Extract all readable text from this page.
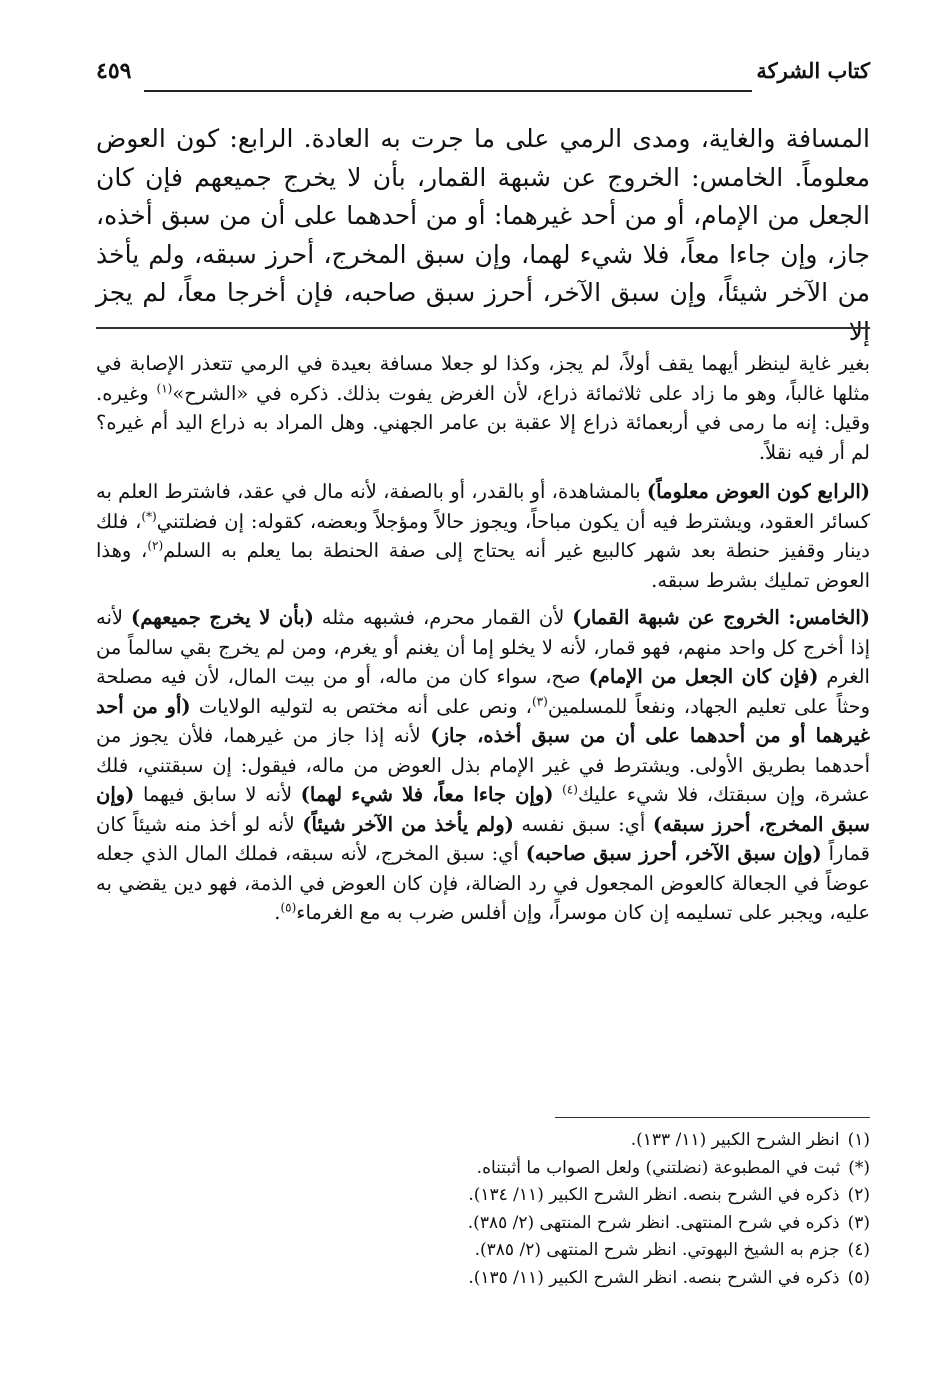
كتاب الشركة
٤٥٩

المسافة والغاية، ومدى الرمي على ما جرت به العادة. الرابع: كون العوض معلوماً. الخامس: الخروج عن شبهة القمار، بأن لا يخرج جميعهم فإن كان الجعل من الإمام، أو من أحد غيرهما: أو من أحدهما على أن من سبق أخذه، جاز، وإن جاءا معاً، فلا شيء لهما، وإن سبق المخرج، أحرز سبقه، ولم يأخذ من الآخر شيئاً، وإن سبق الآخر، أحرز سبق صاحبه، فإن أخرجا معاً، لم يجز إلا

بغير غاية لينظر أيهما يقف أولاً، لم يجز، وكذا لو جعلا مسافة بعيدة في الرمي تتعذر الإصابة في مثلها غالباً، وهو ما زاد على ثلاثمائة ذراع، لأن الغرض يفوت بذلك. ذكره في «الشرح»$^{(١)}$ وغيره. وقيل: إنه ما رمى في أربعمائة ذراع إلا عقبة بن عامر الجهني. وهل المراد به ذراع اليد أم غيره؟ لم أر فيه نقلاً.

(الرابع كون العوض معلوماً) بالمشاهدة، أو بالقدر، أو بالصفة، لأنه مال في عقد، فاشترط العلم به كسائر العقود، ويشترط فيه أن يكون مباحاً، ويجوز حالاً ومؤجلاً وبعضه، كقوله: إن فضلتني(*)، فلك دينار وقفيز حنطة بعد شهر كالبيع غير أنه يحتاج إلى صفة الحنطة بما يعلم به السلم$^{(٢)}$، وهذا العوض تمليك بشرط سبقه.

(الخامس: الخروج عن شبهة القمار) لأن القمار محرم، فشبهه مثله (بأن لا يخرج جميعهم) لأنه إذا أخرج كل واحد منهم، فهو قمار، لأنه لا يخلو إما أن يغنم أو يغرم، ومن لم يخرج بقي سالماً من الغرم (فإن كان الجعل من الإمام) صح، سواء كان من ماله، أو من بيت المال، لأن فيه مصلحة وحثاً على تعليم الجهاد، ونفعاً للمسلمين$^{(٣)}$، ونص على أنه مختص به لتوليه الولايات (أو من أحد غيرهما أو من أحدهما على أن من سبق أخذه، جاز) لأنه إذا جاز من غيرهما، فلأن يجوز من أحدهما بطريق الأولى. ويشترط في غير الإمام بذل العوض من ماله، فيقول: إن سبقتني، فلك عشرة، وإن سبقتك، فلا شيء عليك$^{(٤)}$ (وإن جاءا معاً، فلا شيء لهما) لأنه لا سابق فيهما (وإن سبق المخرج، أحرز سبقه) أي: سبق نفسه (ولم يأخذ من الآخر شيئاً) لأنه لو أخذ منه شيئاً كان قماراً (وإن سبق الآخر، أحرز سبق صاحبه) أي: سبق المخرج، لأنه سبقه، فملك المال الذي جعله عوضاً في الجعالة كالعوض المجعول في رد الضالة، فإن كان العوض في الذمة، فهو دين يقضي به عليه، ويجبر على تسليمه إن كان موسراً، وإن أفلس ضرب به مع الغرماء$^{(٥)}$.

(١)انظر الشرح الكبير (١١/ ١٣٣).
(*)ثبت في المطبوعة (نضلتني) ولعل الصواب ما أثبتناه.
(٢)ذكره في الشرح بنصه. انظر الشرح الكبير (١١/ ١٣٤).
(٣)ذكره في شرح المنتهى. انظر شرح المنتهى (٢/ ٣٨٥).
(٤)جزم به الشيخ البهوتي. انظر شرح المنتهى (٢/ ٣٨٥).
(٥)ذكره في الشرح بنصه. انظر الشرح الكبير (١١/ ١٣٥).
